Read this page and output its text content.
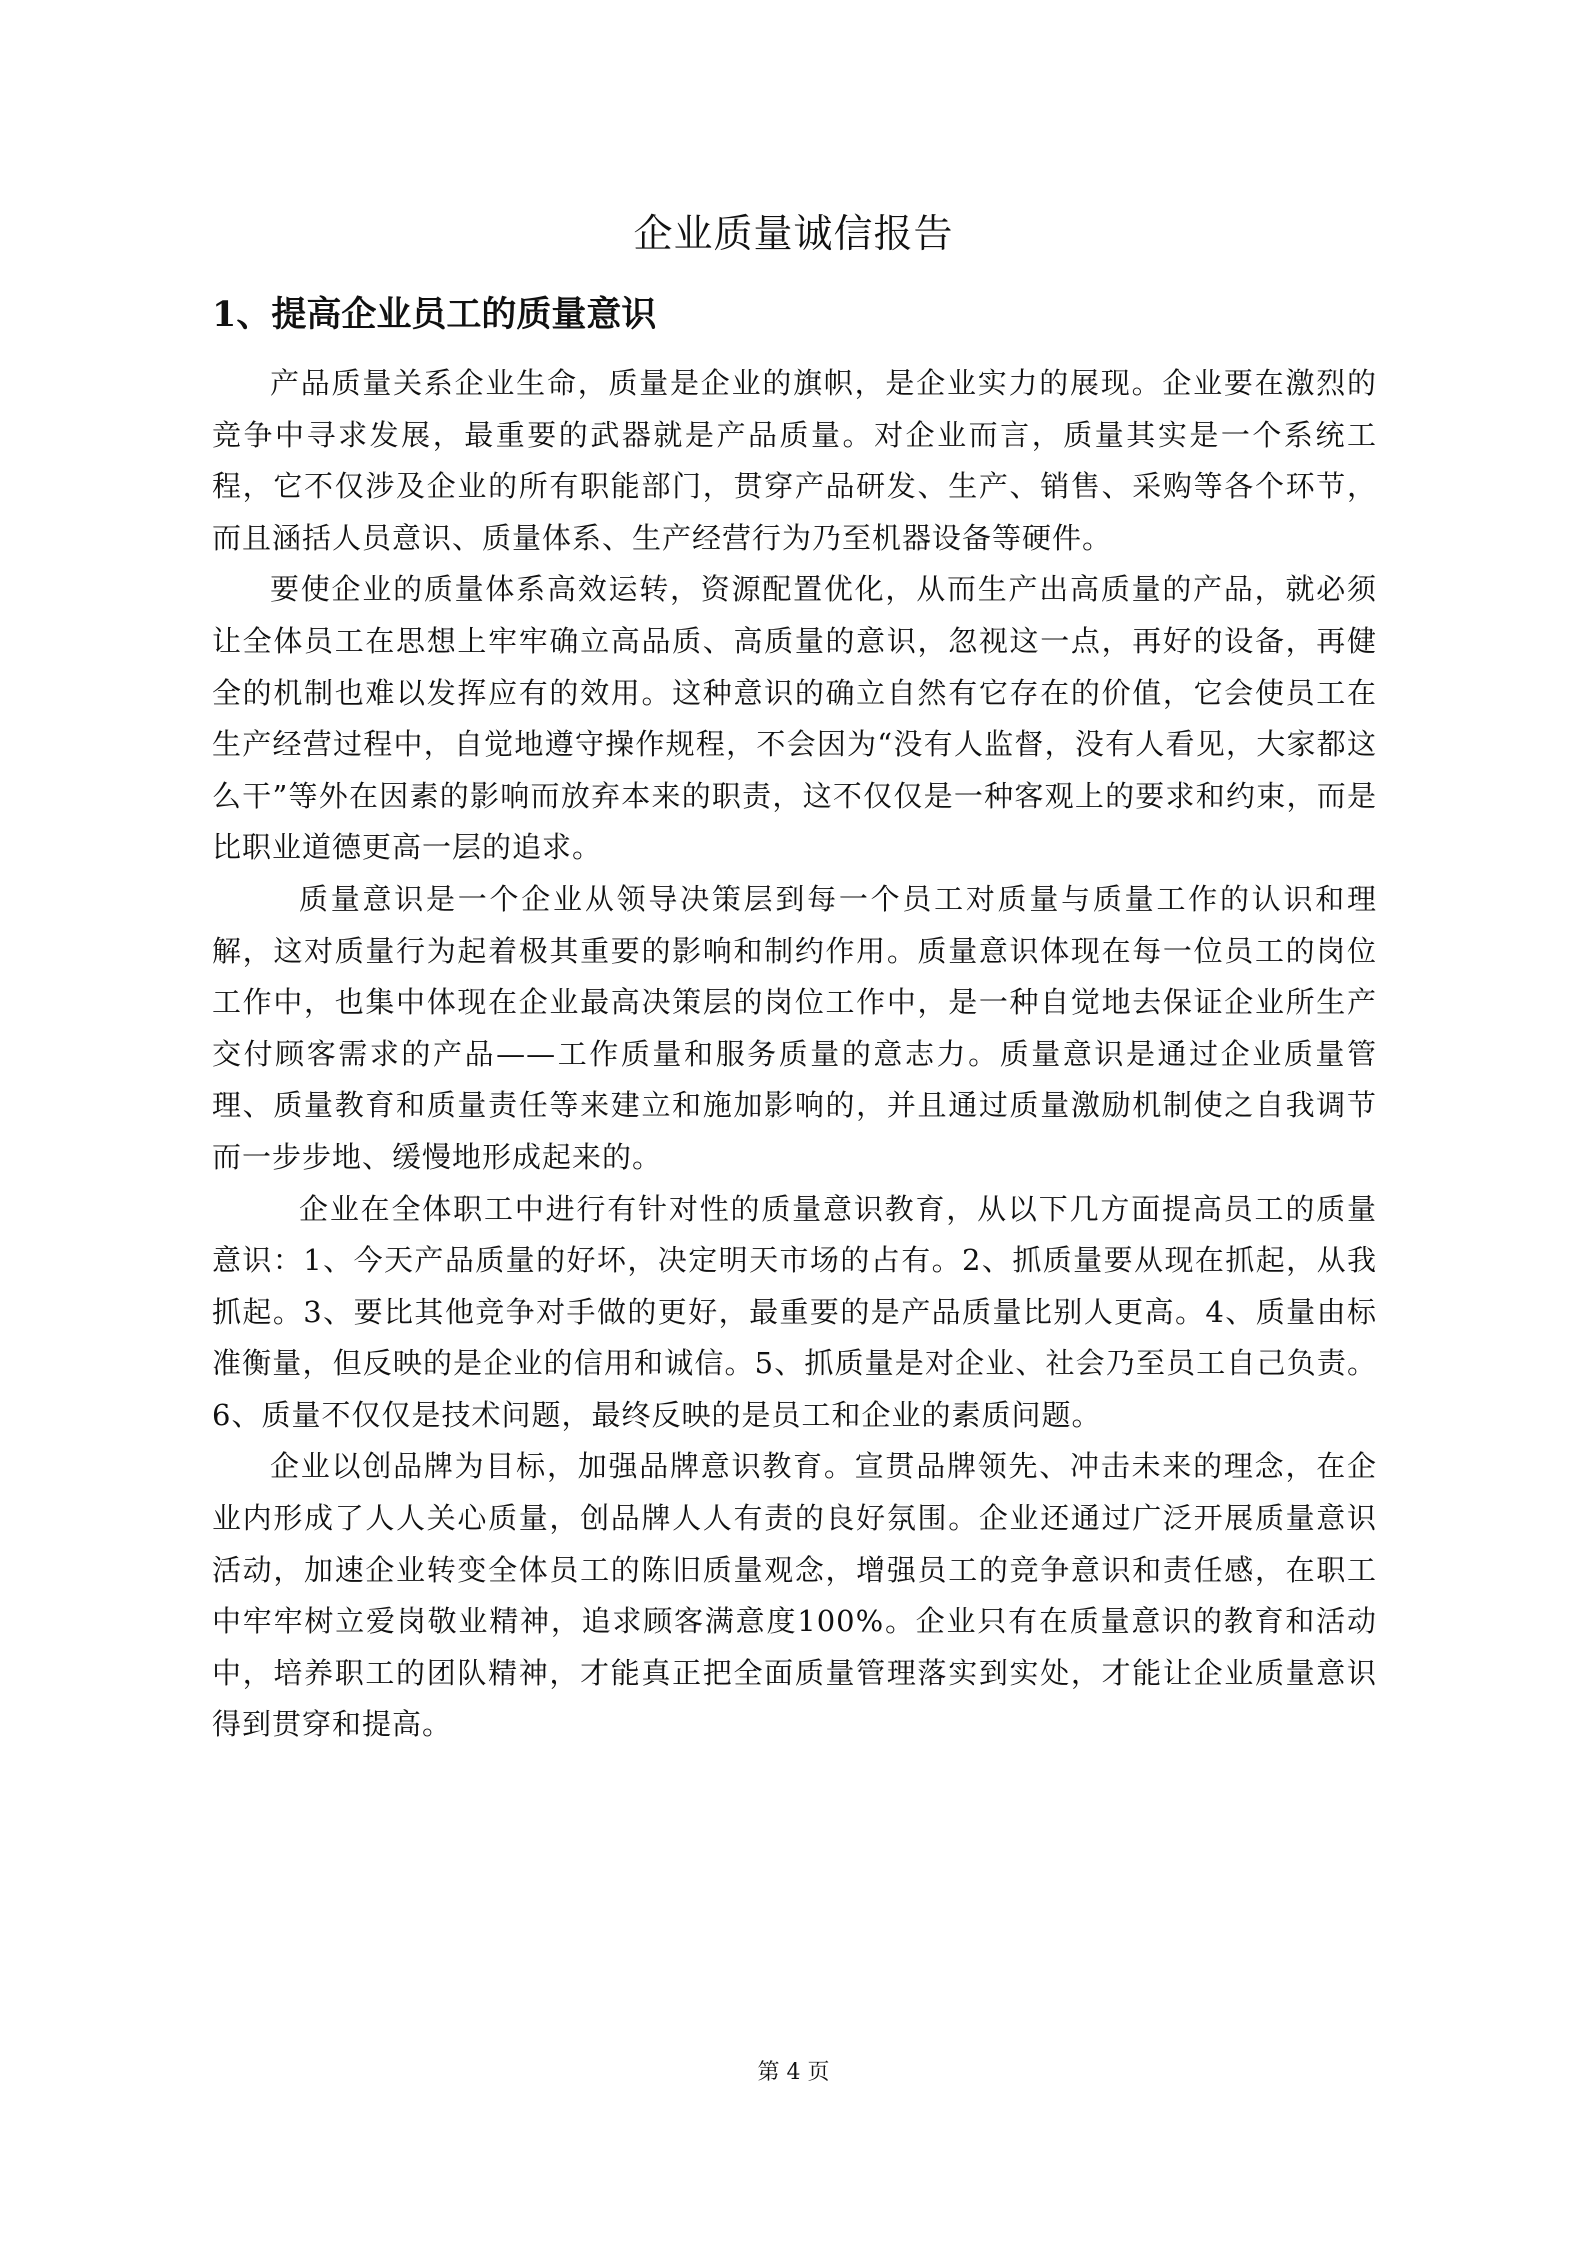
企业质量诚信报告
1、提高企业员工的质量意识

产品质量关系企业生命，质量是企业的旗帜，是企业实力的展现。企业要在激烈的竞争中寻求发展，最重要的武器就是产品质量。对企业而言，质量其实是一个系统工程，它不仅涉及企业的所有职能部门，贯穿产品研发、生产、销售、采购等各个环节，而且涵括人员意识、质量体系、生产经营行为乃至机器设备等硬件。

要使企业的质量体系高效运转，资源配置优化，从而生产出高质量的产品，就必须让全体员工在思想上牢牢确立高品质、高质量的意识，忽视这一点，再好的设备，再健全的机制也难以发挥应有的效用。这种意识的确立自然有它存在的价值，它会使员工在生产经营过程中，自觉地遵守操作规程，不会因为“没有人监督，没有人看见，大家都这么干”等外在因素的影响而放弃本来的职责，这不仅仅是一种客观上的要求和约束，而是比职业道德更高一层的追求。

质量意识是一个企业从领导决策层到每一个员工对质量与质量工作的认识和理解，这对质量行为起着极其重要的影响和制约作用。质量意识体现在每一位员工的岗位工作中，也集中体现在企业最高决策层的岗位工作中，是一种自觉地去保证企业所生产交付顾客需求的产品——工作质量和服务质量的意志力。质量意识是通过企业质量管理、质量教育和质量责任等来建立和施加影响的，并且通过质量激励机制使之自我调节而一步步地、缓慢地形成起来的。

企业在全体职工中进行有针对性的质量意识教育，从以下几方面提高员工的质量意识：1、今天产品质量的好坏，决定明天市场的占有。2、抓质量要从现在抓起，从我抓起。3、要比其他竞争对手做的更好，最重要的是产品质量比别人更高。4、质量由标准衡量，但反映的是企业的信用和诚信。5、抓质量是对企业、社会乃至员工自己负责。6、质量不仅仅是技术问题，最终反映的是员工和企业的素质问题。

企业以创品牌为目标，加强品牌意识教育。宣贯品牌领先、冲击未来的理念，在企业内形成了人人关心质量，创品牌人人有责的良好氛围。企业还通过广泛开展质量意识活动，加速企业转变全体员工的陈旧质量观念，增强员工的竞争意识和责任感，在职工中牢牢树立爱岗敬业精神，追求顾客满意度100%。企业只有在质量意识的教育和活动中，培养职工的团队精神，才能真正把全面质量管理落实到实处，才能让企业质量意识得到贯穿和提高。

第 4 页
